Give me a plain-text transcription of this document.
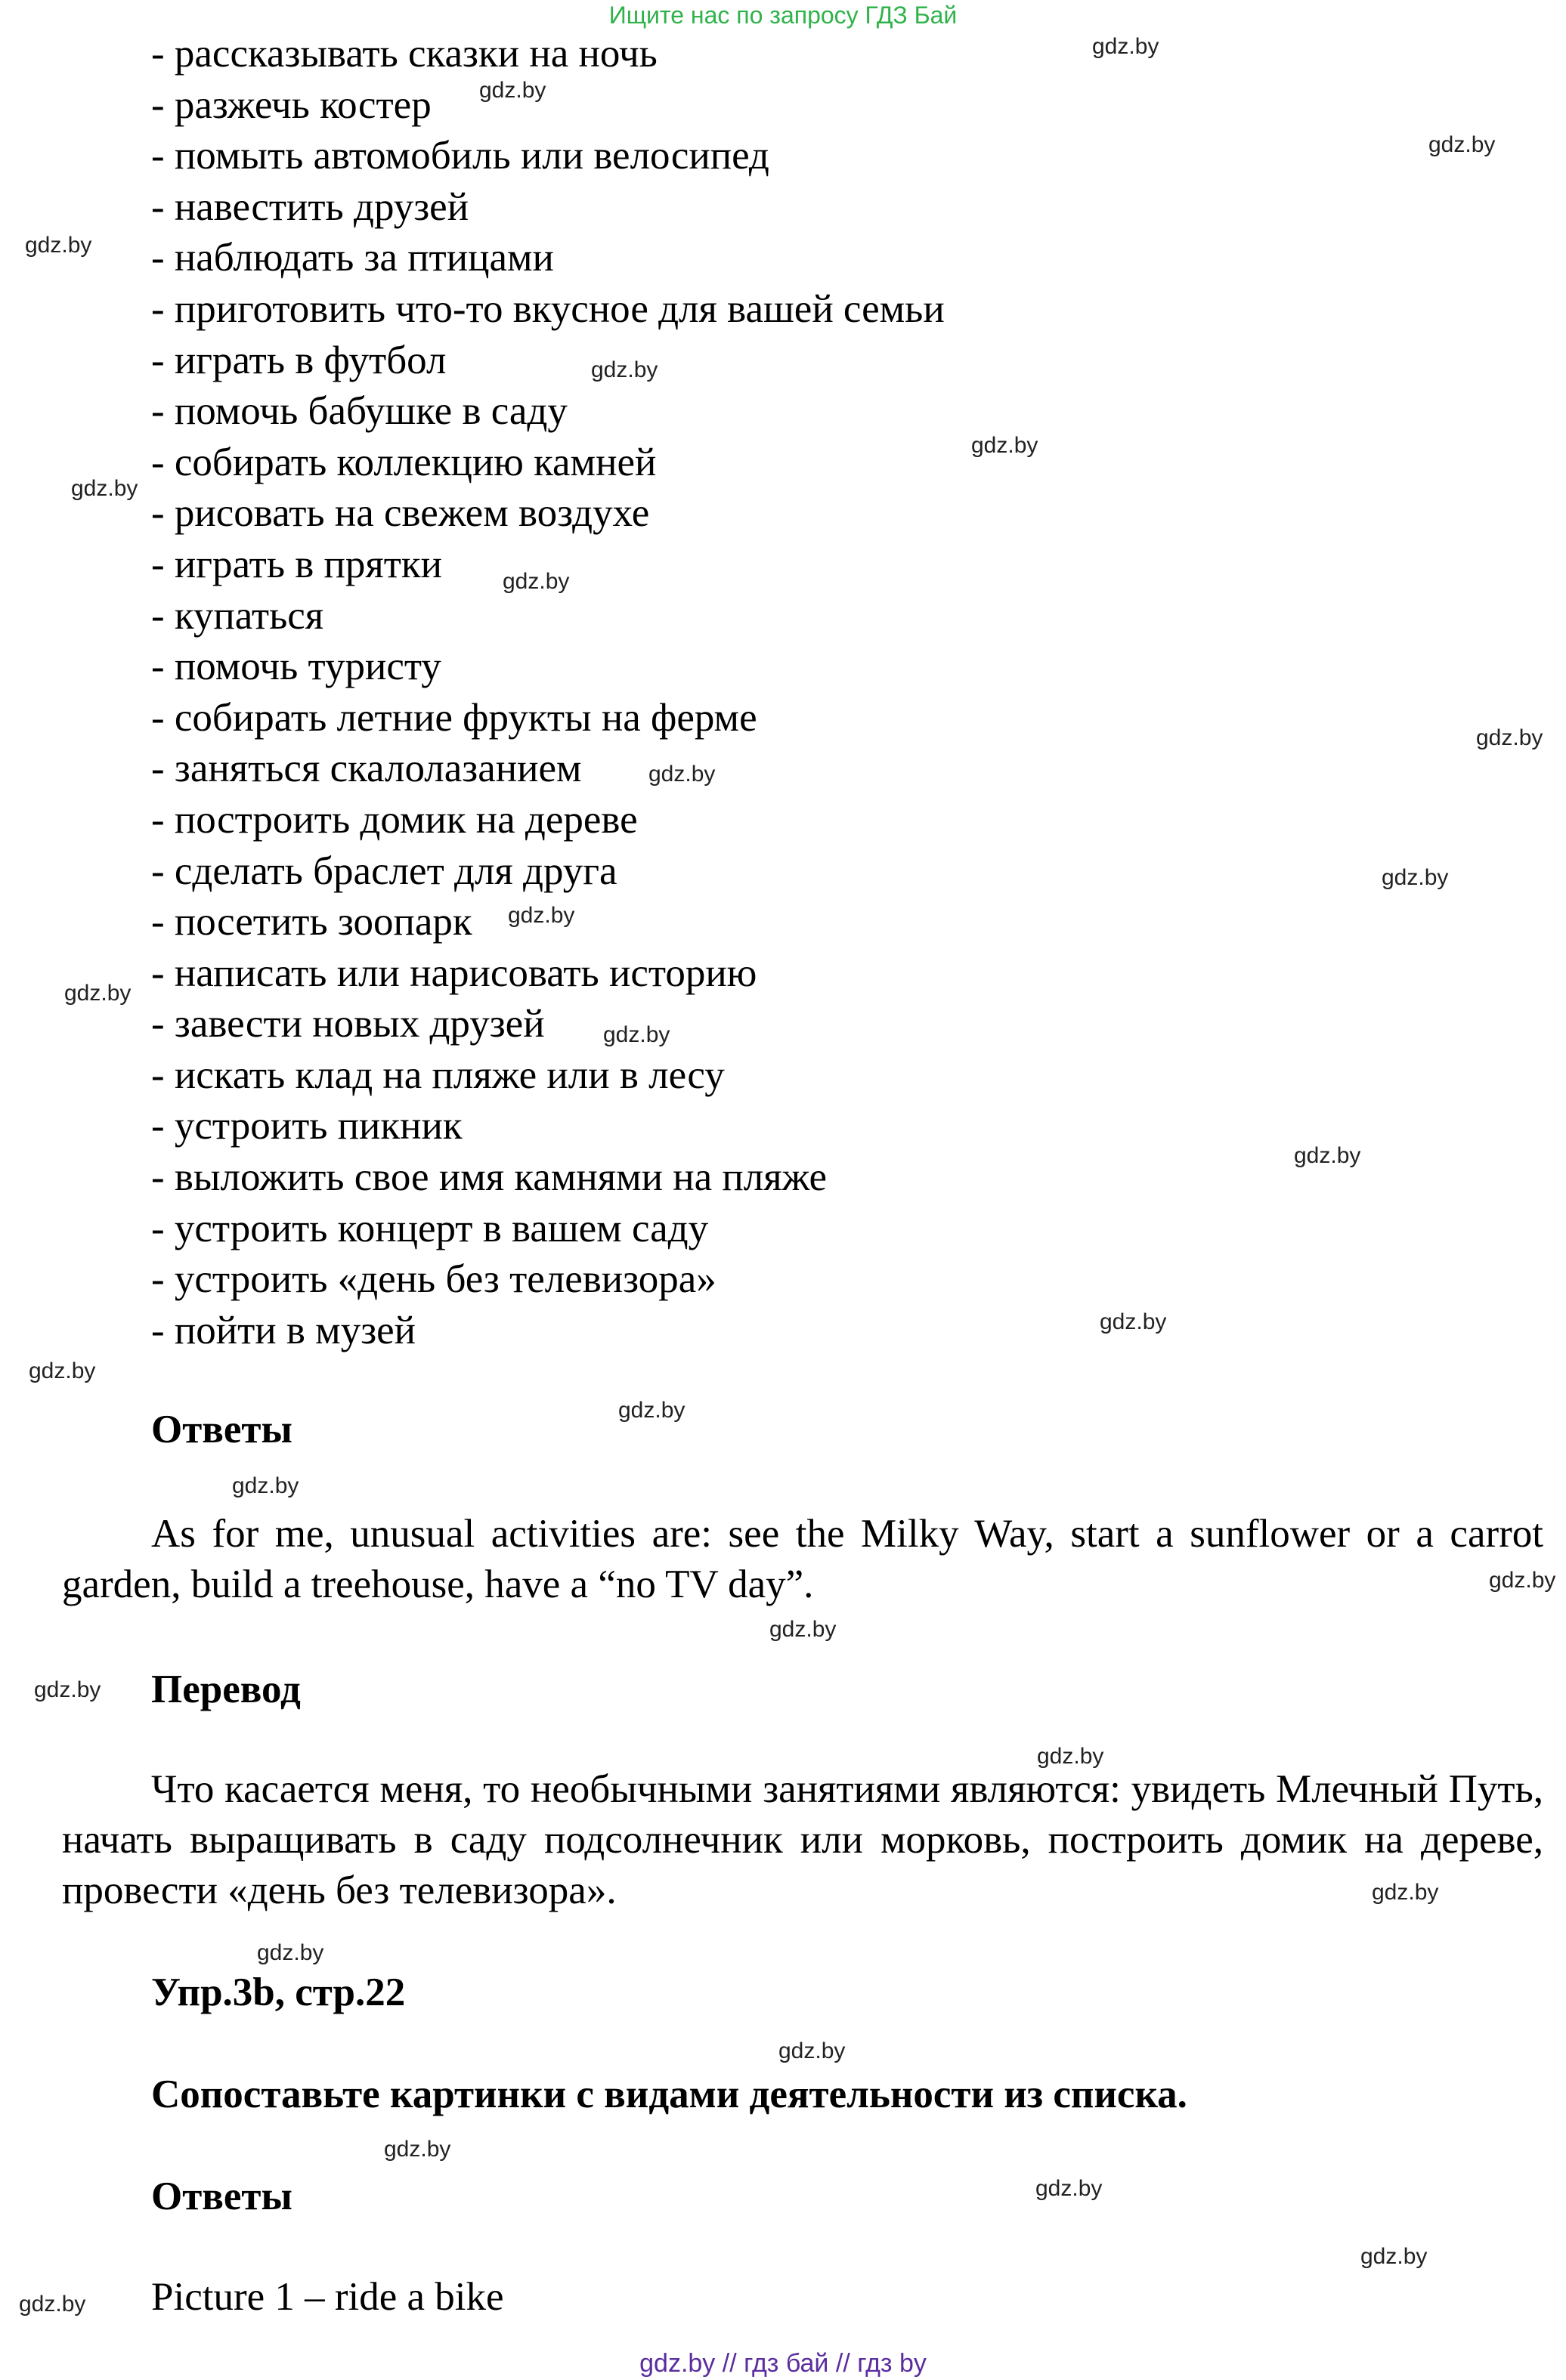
Ищите нас по запросу ГДЗ Бай
- рассказывать сказки на ночь
- разжечь костер
- помыть автомобиль или велосипед
- навестить друзей
- наблюдать за птицами
- приготовить что-то вкусное для вашей семьи
- играть в футбол
- помочь бабушке в саду
- собирать коллекцию камней
- рисовать на свежем воздухе
- играть в прятки
- купаться
- помочь туристу
- собирать летние фрукты на ферме
- заняться скалолазанием
- построить домик на дереве
- сделать браслет для друга
- посетить зоопарк
- написать или нарисовать историю
- завести новых друзей
- искать клад на пляже или в лесу
- устроить пикник
- выложить свое имя камнями на пляже
- устроить концерт в вашем саду
- устроить «день без телевизора»
- пойти в музей
Ответы

As for me, unusual activities are: see the Milky Way, start a sunflower or a carrot garden, build a treehouse, have a “no TV day”.

Перевод

Что касается меня, то необычными занятиями являются: увидеть Млечный Путь, начать выращивать в саду подсолнечник или морковь, построить домик на дереве, провести «день без телевизора».

Упр.3b, стр.22
Сопоставьте картинки с видами деятельности из списка.
Ответы

Picture 1 – ride a bike

gdz.by
gdz.by
gdz.by
gdz.by
gdz.by
gdz.by
gdz.by
gdz.by
gdz.by
gdz.by
gdz.by
gdz.by
gdz.by
gdz.by
gdz.by
gdz.by
gdz.by
gdz.by
gdz.by
gdz.by
gdz.by
gdz.by
gdz.by
gdz.by
gdz.by
gdz.by
gdz.by
gdz.by
gdz.by
gdz.by
gdz.by // гдз бай // гдз by
